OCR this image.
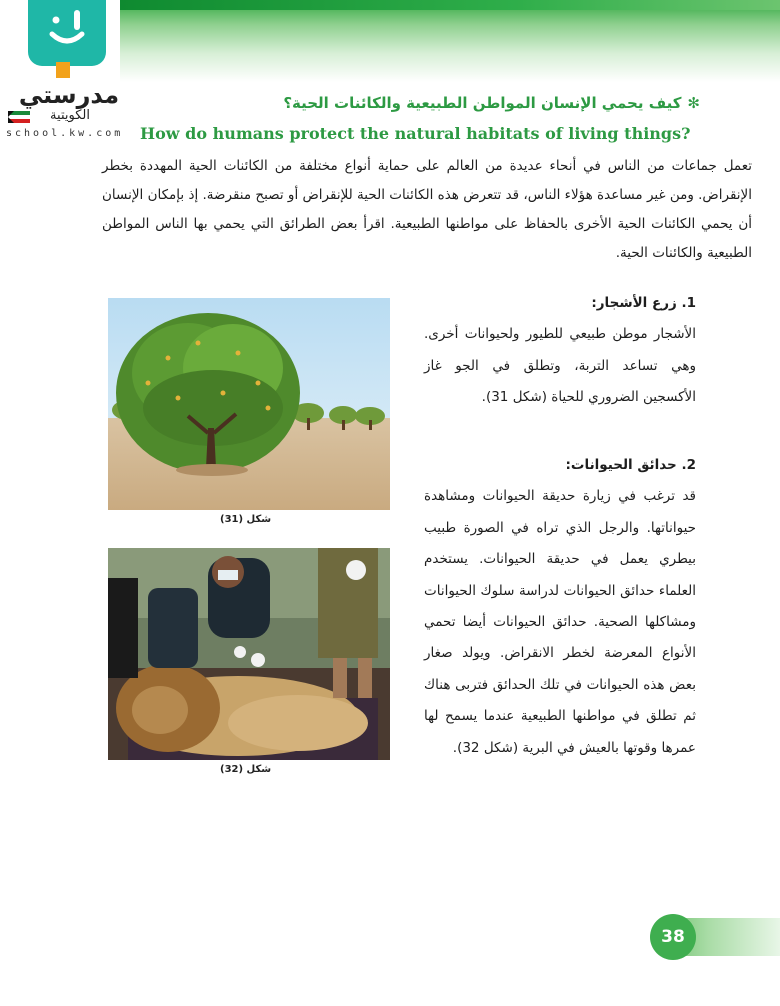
مدرستي
الكويتية
school.kw.com
✻كيف يحمي الإنسان المواطن الطبيعية والكائنات الحية؟
How do humans protect the natural habitats of living things?
تعمل جماعات من الناس في أنحاء عديدة من العالم على حماية أنواع مختلفة من الكائنات الحية المهددة بخطر الإنقراض. ومن غير مساعدة هؤلاء الناس، قد تتعرض هذه الكائنات الحية للإنقراض أو تصبح منقرضة. إذ بإمكان الإنسان أن يحمي الكائنات الحية الأخرى بالحفاظ على مواطنها الطبيعية. اقرأ بعض الطرائق التي يحمي بها الناس المواطن الطبيعية والكائنات الحية.
شكل (31)
شكل (32)
1. زرع الأشجار:
الأشجار موطن طبيعي للطيور ولحيوانات أخرى. وهي تساعد التربة، وتطلق في الجو غاز الأكسجين الضروري للحياة (شكل 31).
2. حدائق الحيوانات:
قد ترغب في زيارة حديقة الحيوانات ومشاهدة حيواناتها. والرجل الذي تراه في الصورة طبيب بيطري يعمل في حديقة الحيوانات. يستخدم العلماء حدائق الحيوانات لدراسة سلوك الحيوانات ومشاكلها الصحية. حدائق الحيوانات أيضا تحمي الأنواع المعرضة لخطر الانقراض. ويولد صغار بعض هذه الحيوانات في تلك الحدائق فتربى هناك ثم تطلق في مواطنها الطبيعية عندما يسمح لها عمرها وقوتها بالعيش في البرية (شكل 32).
38
